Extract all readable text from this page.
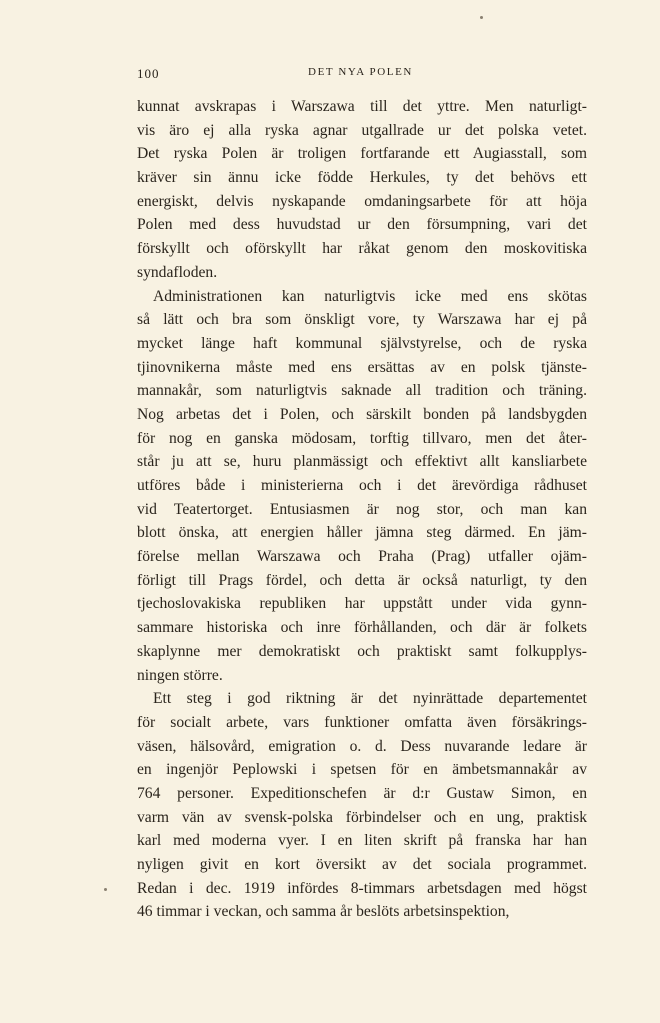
100	DET NYA POLEN
kunnat avskrapas i Warszawa till det yttre. Men naturligt-
vis äro ej alla ryska agnar utgallrade ur det polska vetet.
Det ryska Polen är troligen fortfarande ett Augiasstall, som
kräver sin ännu icke födde Herkules, ty det behövs ett
energiskt, delvis nyskapande omdaningsarbete för att höja
Polen med dess huvudstad ur den försumpning, vari det
förskyllt och oförskyllt har råkat genom den moskovitiska
syndafloden.
Administrationen kan naturligtvis icke med ens skötas
så lätt och bra som önskligt vore, ty Warszawa har ej på
mycket länge haft kommunal självstyrelse, och de ryska
tjinovnikerna måste med ens ersättas av en polsk tjänste-
mannakår, som naturligtvis saknade all tradition och träning.
Nog arbetas det i Polen, och särskilt bonden på landsbygden
för nog en ganska mödosam, torftig tillvaro, men det åter-
står ju att se, huru planmässigt och effektivt allt kansliarbete
utföres både i ministerierna och i det ärevördiga rådhuset
vid Teatertorget. Entusiasmen är nog stor, och man kan
blott önska, att energien håller jämna steg därmed. En jäm-
förelse mellan Warszawa och Praha (Prag) utfaller ojäm-
förligt till Prags fördel, och detta är också naturligt, ty den
tjechoslovakiska republiken har uppstått under vida gynn-
sammare historiska och inre förhållanden, och där är folkets
skaplynne mer demokratiskt och praktiskt samt folkupplys-
ningen större.
Ett steg i god riktning är det nyinrättade departementet
för socialt arbete, vars funktioner omfatta även försäkrings-
väsen, hälsovård, emigration o. d. Dess nuvarande ledare är
en ingenjör Peplowski i spetsen för en ämbetsmannakår av
764 personer. Expeditionschefen är d:r Gustaw Simon, en
varm vän av svensk-polska förbindelser och en ung, praktisk
karl med moderna vyer. I en liten skrift på franska har han
nyligen givit en kort översikt av det sociala programmet.
Redan i dec. 1919 infördes 8-timmars arbetsdagen med högst
46 timmar i veckan, och samma år beslöts arbetsinspektion,
